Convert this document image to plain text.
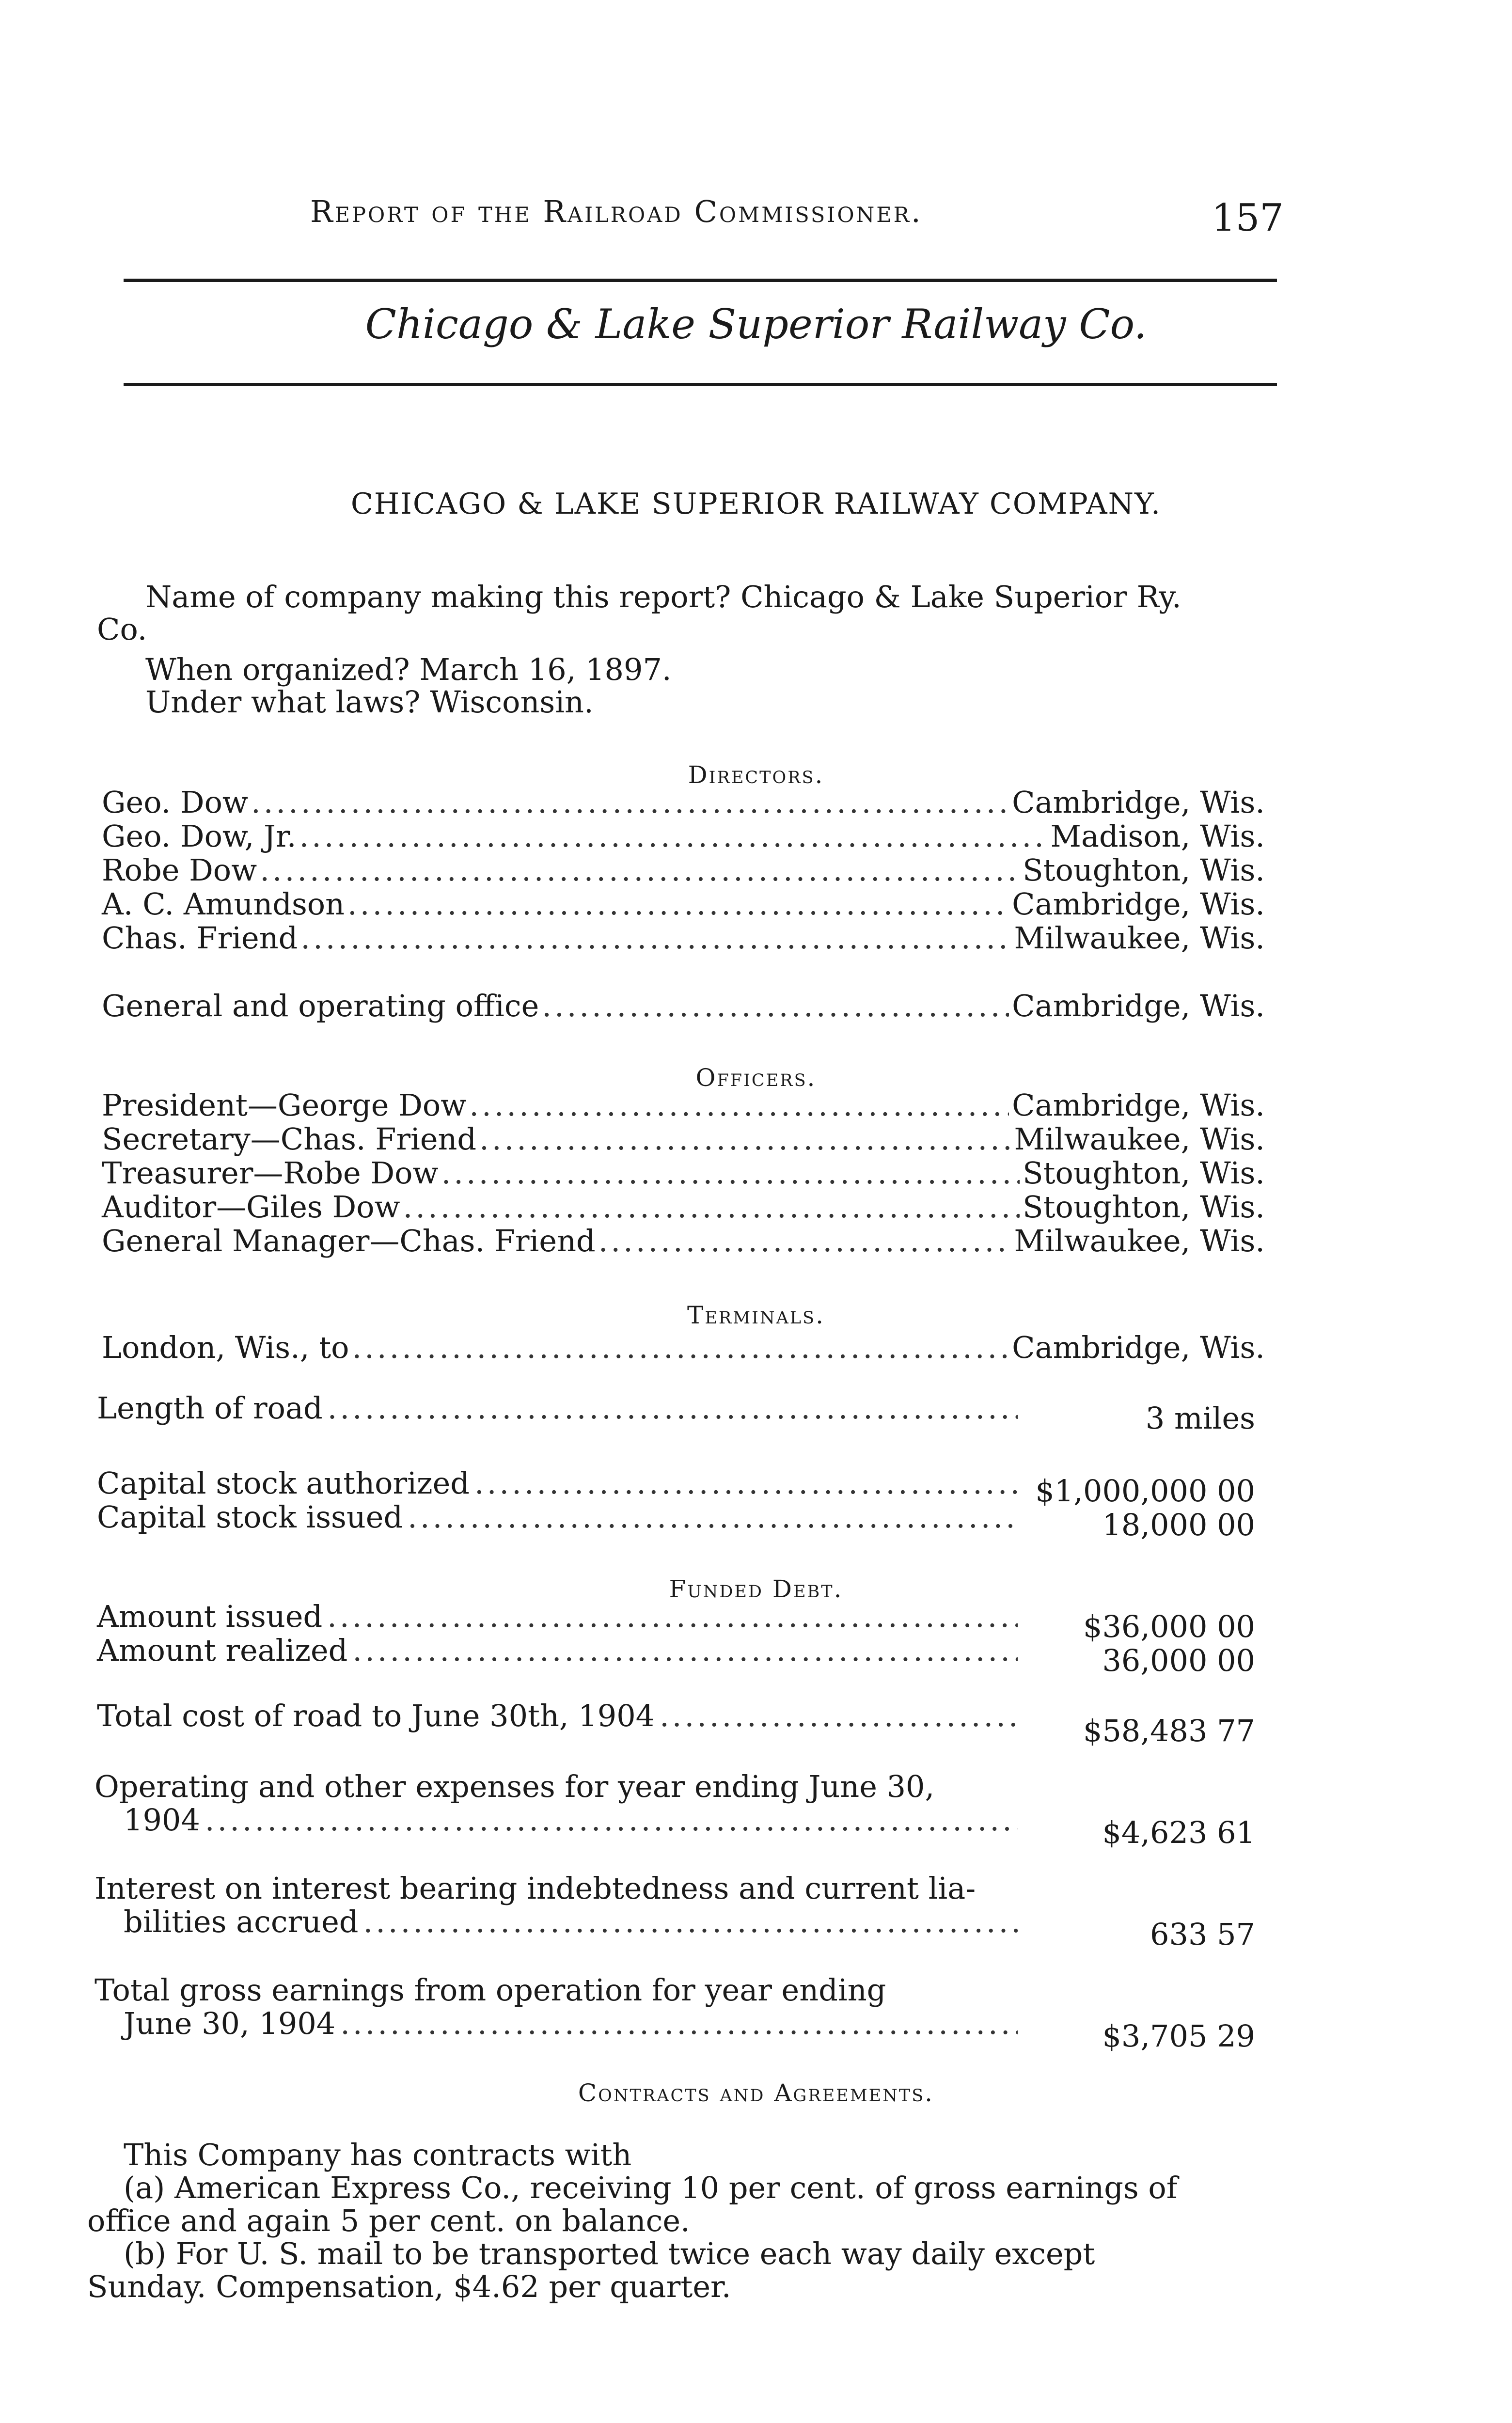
Report of the Railroad Commissioner.	157
Chicago & Lake Superior Railway Co.
CHICAGO & LAKE SUPERIOR RAILWAY COMPANY.
Name of company making this report? Chicago & Lake Superior Ry.
Co.
When organized? March 16, 1897.
Under what laws? Wisconsin.
Directors.
Geo. Dow .....	Cambridge, Wis.
Geo. Dow, Jr. .....	Madison, Wis.
Robe Dow .....	Stoughton, Wis.
A. C. Amundson .....	Cambridge, Wis.
Chas. Friend .....	Milwaukee, Wis.
General and operating office .....	Cambridge, Wis.
Officers.
President—George Dow .....	Cambridge, Wis.
Secretary—Chas. Friend .....	Milwaukee, Wis.
Treasurer—Robe Dow .....	Stoughton, Wis.
Auditor—Giles Dow .....	Stoughton, Wis.
General Manager—Chas. Friend .....	Milwaukee, Wis.
Terminals.
London, Wis., to .....	Cambridge, Wis.
Length of road .....	3 miles
Capital stock authorized .....	$1,000,000 00
Capital stock issued .....	18,000 00
Funded Debt.
Amount issued .....	$36,000 00
Amount realized .....	36,000 00
Total cost of road to June 30th, 1904 .....	$58,483 77
Operating and other expenses for year ending June 30,
1904 .....	$4,623 61
Interest on interest bearing indebtedness and current lia-
bilities accrued .....	633 57
Total gross earnings from operation for year ending
June 30, 1904 .....	$3,705 29
Contracts and Agreements.
This Company has contracts with
(a) American Express Co., receiving 10 per cent. of gross earnings of
office and again 5 per cent. on balance.
(b) For U. S. mail to be transported twice each way daily except
Sunday. Compensation, $4.62 per quarter.
